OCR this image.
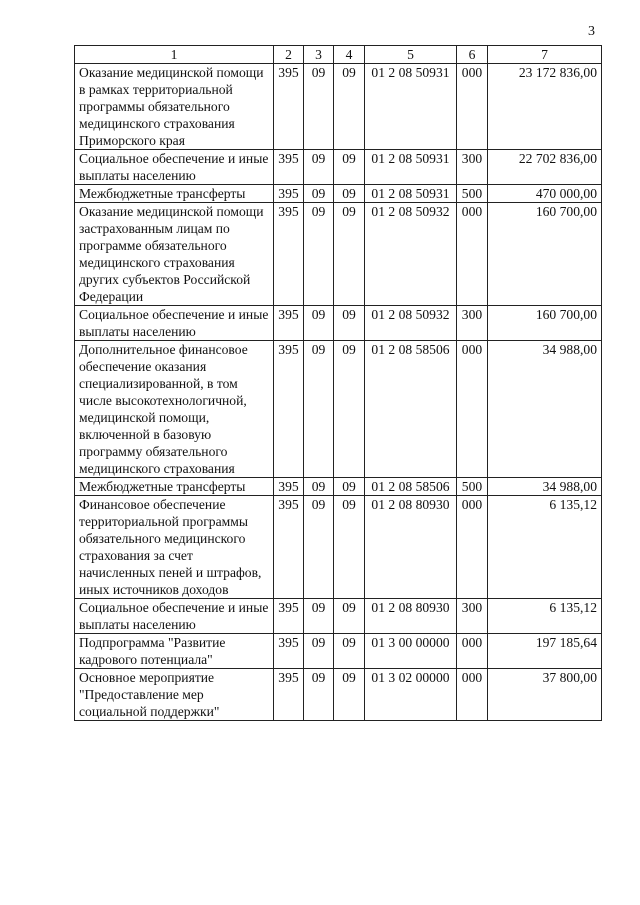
3
1	2	3	4	5	6	7
Оказание медицинской помощи в рамках территориальной программы обязательного медицинского страхования Приморского края	395	09	09	01 2 08 50931	000	23 172 836,00
Социальное обеспечение и иные выплаты населению	395	09	09	01 2 08 50931	300	22 702 836,00
Межбюджетные трансферты	395	09	09	01 2 08 50931	500	470 000,00
Оказание медицинской помощи застрахованным лицам по программе обязательного медицинского страхования других субъектов Российской Федерации	395	09	09	01 2 08 50932	000	160 700,00
Социальное обеспечение и иные выплаты населению	395	09	09	01 2 08 50932	300	160 700,00
Дополнительное финансовое обеспечение оказания специализированной, в том числе высокотехнологичной, медицинской помощи, включенной в базовую программу обязательного медицинского страхования	395	09	09	01 2 08 58506	000	34 988,00
Межбюджетные трансферты	395	09	09	01 2 08 58506	500	34 988,00
Финансовое обеспечение территориальной программы обязательного медицинского страхования за счет начисленных пеней и штрафов, иных источников доходов	395	09	09	01 2 08 80930	000	6 135,12
Социальное обеспечение и иные выплаты населению	395	09	09	01 2 08 80930	300	6 135,12
Подпрограмма "Развитие кадрового потенциала"	395	09	09	01 3 00 00000	000	197 185,64
Основное мероприятие "Предоставление мер социальной поддержки"	395	09	09	01 3 02 00000	000	37 800,00
